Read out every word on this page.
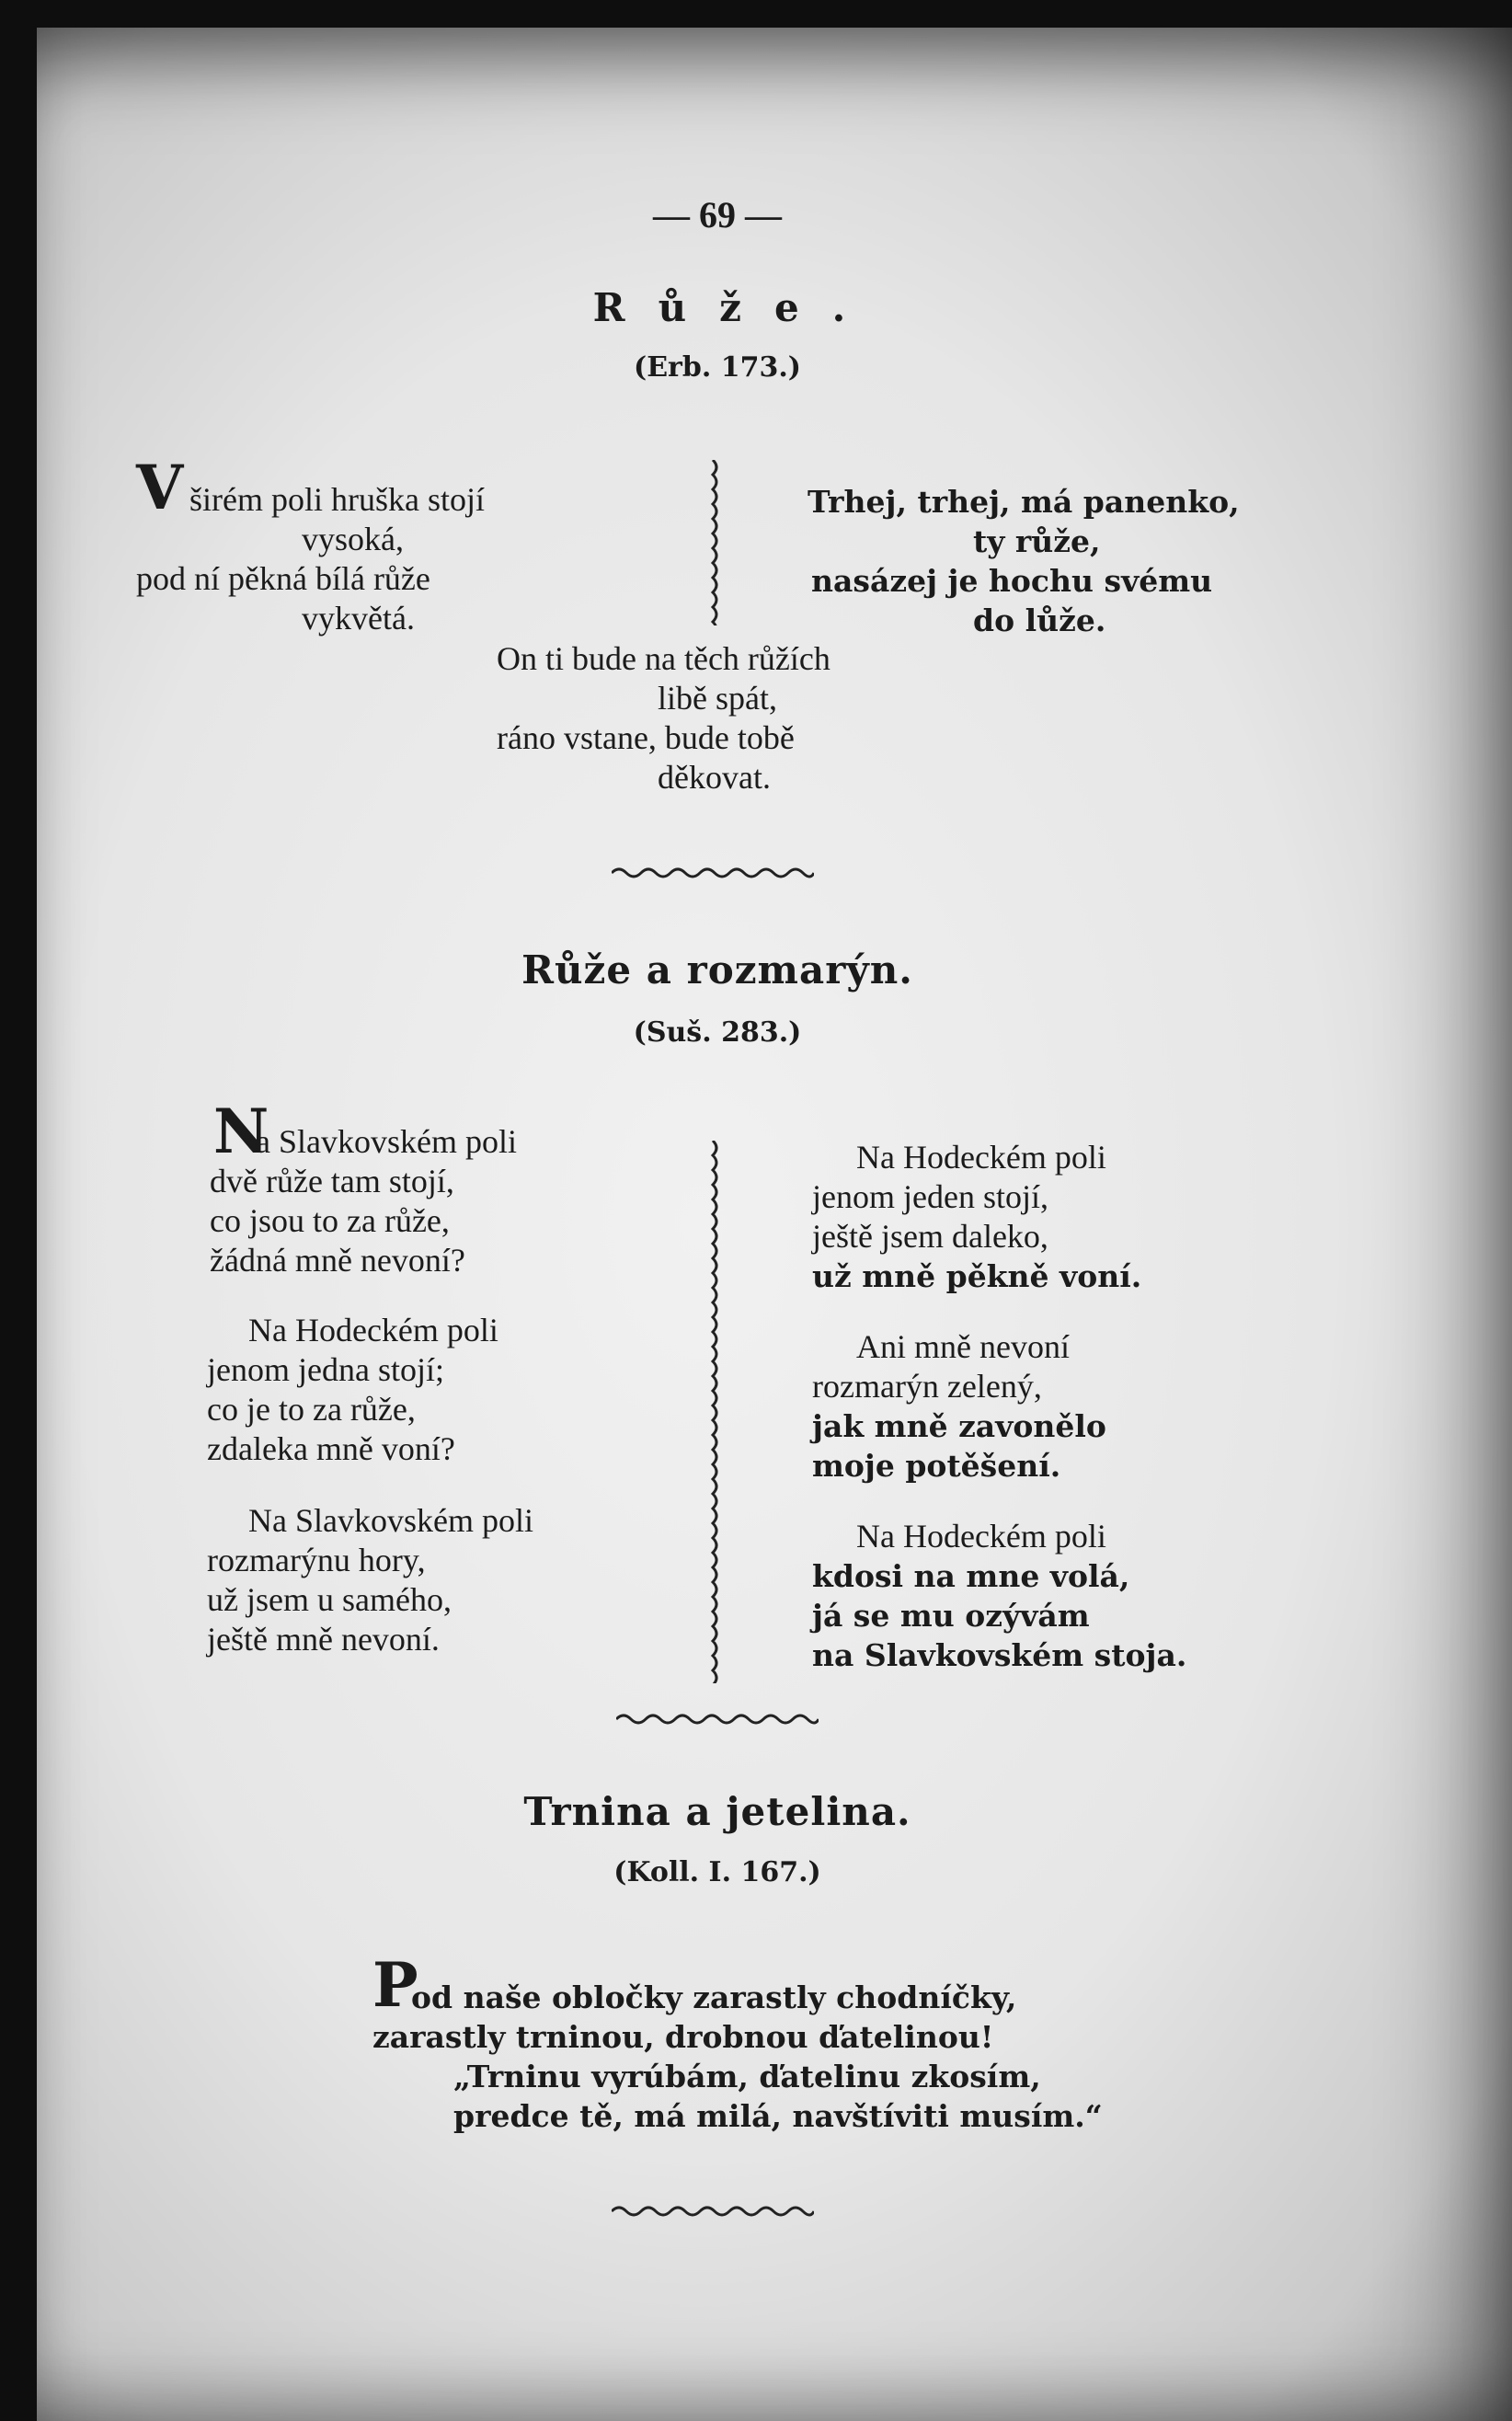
— 69 —
Růže.
(Erb. 173.)
V širém poli hruška stojí
vysoká,
pod ní pěkná bílá růže
vykvětá.
Trhej, trhej, má panenko,
ty růže,
nasázej je hochu svému
do lůže.
On ti bude na těch růžích
libě spát,
ráno vstane, bude tobě
děkovat.
Růže a rozmarýn.
(Suš. 283.)
N
a Slavkovském poli
dvě růže tam stojí,
co jsou to za růže,
žádná mně nevoní?
Na Hodeckém poli
jenom jedna stojí;
co je to za růže,
zdaleka mně voní?
Na Slavkovském poli
rozmarýnu hory,
už jsem u samého,
ještě mně nevoní.
Na Hodeckém poli
jenom jeden stojí,
ještě jsem daleko,
už mně pěkně voní.
Ani mně nevoní
rozmarýn zelený,
jak mně zavonělo
moje potěšení.
Na Hodeckém poli
kdosi na mne volá,
já se mu ozývám
na Slavkovském stoja.
Trnina a jetelina.
(Koll. I. 167.)
P
od naše obločky zarastly chodníčky,
zarastly trninou, drobnou ďatelinou!
„Trninu vyrúbám, ďatelinu zkosím,
predce tě, má milá, navštíviti musím.“
